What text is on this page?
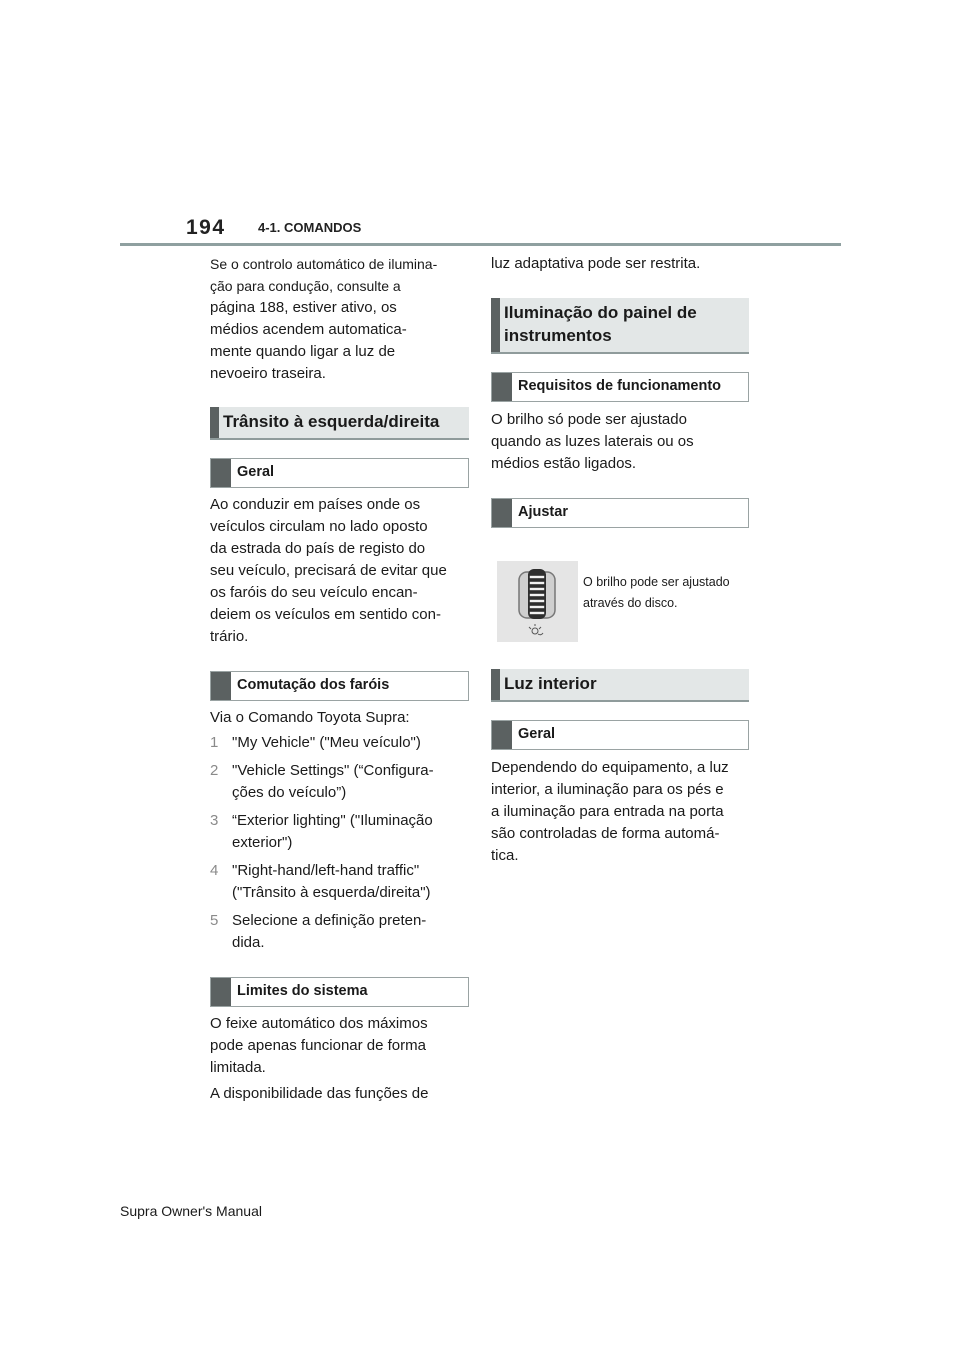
194 4-1. COMANDOS
Se o controlo automático de ilumina-
ção para condução, consulte a
página 188, estiver ativo, os
médios acendem automatica-
mente quando ligar a luz de
nevoeiro traseira.
Trânsito à esquerda/direita
Geral
Ao conduzir em países onde os
veículos circulam no lado oposto
da estrada do país de registo do
seu veículo, precisará de evitar que
os faróis do seu veículo encan-
deiem os veículos em sentido con-
trário.
Comutação dos faróis
Via o Comando Toyota Supra:
1 "My Vehicle" ("Meu veículo")
2 "Vehicle Settings" (“Configura-
ções do veículo”)
3 “Exterior lighting" ("Iluminação
exterior")
4 "Right-hand/left-hand traffic"
("Trânsito à esquerda/direita")
5 Selecione a definição preten-
dida.
Limites do sistema
O feixe automático dos máximos
pode apenas funcionar de forma
limitada.
A disponibilidade das funções de
luz adaptativa pode ser restrita.
Iluminação do painel de
instrumentos
Requisitos de funcionamento
O brilho só pode ser ajustado
quando as luzes laterais ou os
médios estão ligados.
Ajustar
O brilho pode ser ajustado
através do disco.
Luz interior
Geral
Dependendo do equipamento, a luz
interior, a iluminação para os pés e
a iluminação para entrada na porta
são controladas de forma automá-
tica.
Supra Owner's Manual
